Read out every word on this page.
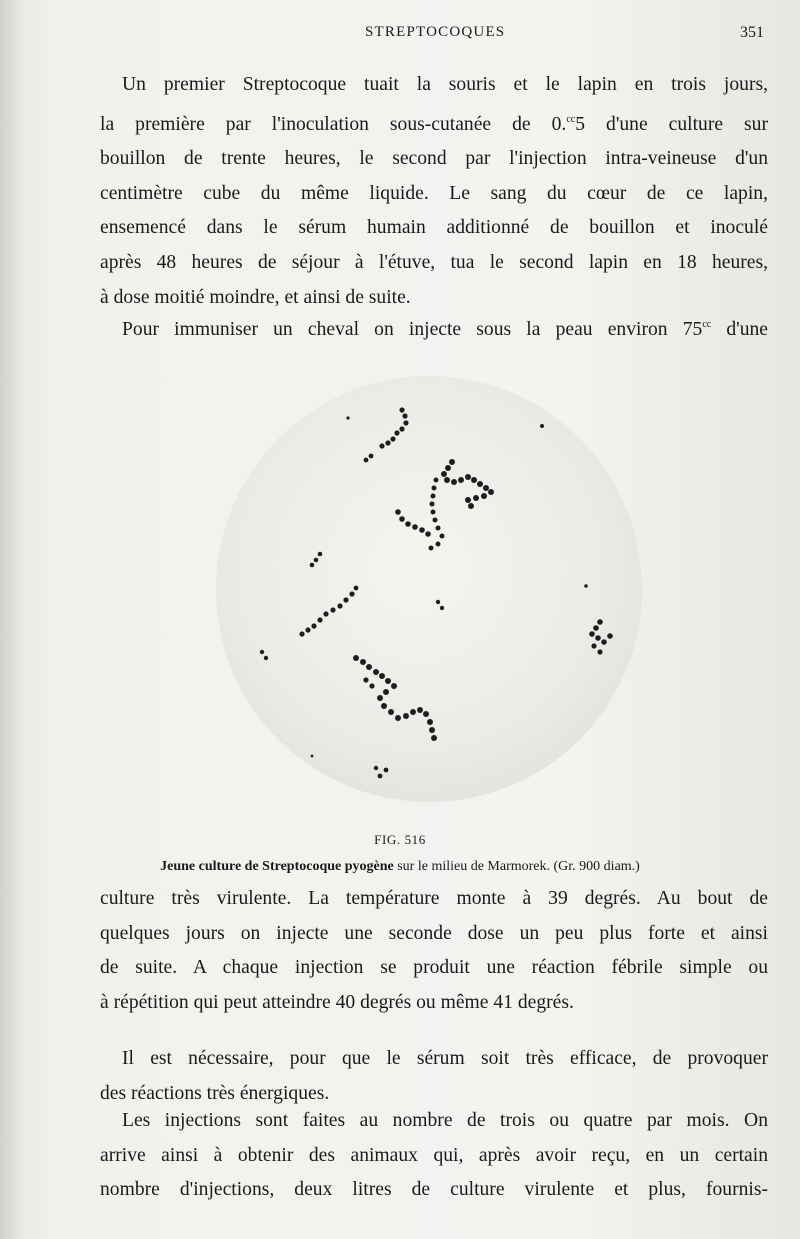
STREPTOCOQUES	351

Un premier Streptocoque tuait la souris et le lapin en trois jours,
la première par l'inoculation sous-cutanée de 0.$^{cc}$5 d'une culture sur
bouillon de trente heures, le second par l'injection intra-veineuse d'un
centimètre cube du même liquide. Le sang du cœur de ce lapin,
ensemencé dans le sérum humain additionné de bouillon et inoculé
après 48 heures de séjour à l'étuve, tua le second lapin en 18 heures,
à dose moitié moindre, et ainsi de suite.

Pour immuniser un cheval on injecte sous la peau environ $75^{cc}$ d'une

FIG. 516
Jeune culture de Streptocoque pyogène sur le milieu de Marmorek. (Gr. 900 diam.)

culture très virulente. La température monte à 39 degrés. Au bout de
quelques jours on injecte une seconde dose un peu plus forte et ainsi
de suite. A chaque injection se produit une réaction fébrile simple ou
à répétition qui peut atteindre 40 degrés ou même 41 degrés.

Il est nécessaire, pour que le sérum soit très efficace, de provoquer
des réactions très énergiques.

Les injections sont faites au nombre de trois ou quatre par mois. On
arrive ainsi à obtenir des animaux qui, après avoir reçu, en un certain
nombre d'injections, deux litres de culture virulente et plus, fournis-
